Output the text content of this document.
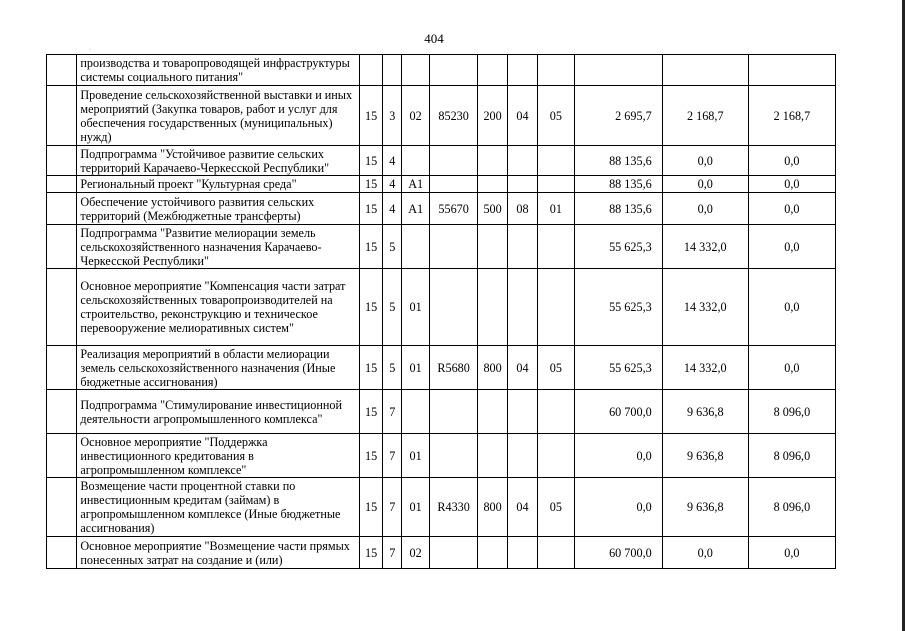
·
404
	производства и товаропроводящей инфраструктуры системы социального питания"										
	Проведение сельскохозяйственной выставки и иных мероприятий (Закупка товаров, работ и услуг для обеспечения государственных (муниципальных) нужд)	15	3	02	85230	200	04	05	2 695,7	2 168,7	2 168,7
	Подпрограмма "Устойчивое развитие сельских территорий Карачаево-Черкесской Республики"	15	4						88 135,6	0,0	0,0
	Региональный проект "Культурная среда"	15	4	A1					88 135,6	0,0	0,0
	Обеспечение устойчивого развития сельских территорий (Межбюджетные трансферты)	15	4	A1	55670	500	08	01	88 135,6	0,0	0,0
	Подпрограмма "Развитие мелиорации земель сельскохозяйственного назначения Карачаево-Черкесской Республики"	15	5						55 625,3	14 332,0	0,0
	Основное мероприятие "Компенсация части затрат сельскохозяйственных товаропроизводителей на строительство, реконструкцию и техническое перевооружение мелиоративных систем"	15	5	01					55 625,3	14 332,0	0,0
	Реализация мероприятий в области мелиорации земель сельскохозяйственного назначения (Иные бюджетные ассигнования)	15	5	01	R5680	800	04	05	55 625,3	14 332,0	0,0
	Подпрограмма "Стимулирование инвестиционной деятельности агропромышленного комплекса"	15	7						60 700,0	9 636,8	8 096,0
	Основное мероприятие "Поддержка инвестиционного кредитования в агропромышленном комплексе"	15	7	01					0,0	9 636,8	8 096,0
	Возмещение части процентной ставки по инвестиционным кредитам (займам) в агропромышленном комплексе (Иные бюджетные ассигнования)	15	7	01	R4330	800	04	05	0,0	9 636,8	8 096,0
	Основное мероприятие "Возмещение части прямых понесенных затрат на создание и (или)	15	7	02					60 700,0	0,0	0,0
